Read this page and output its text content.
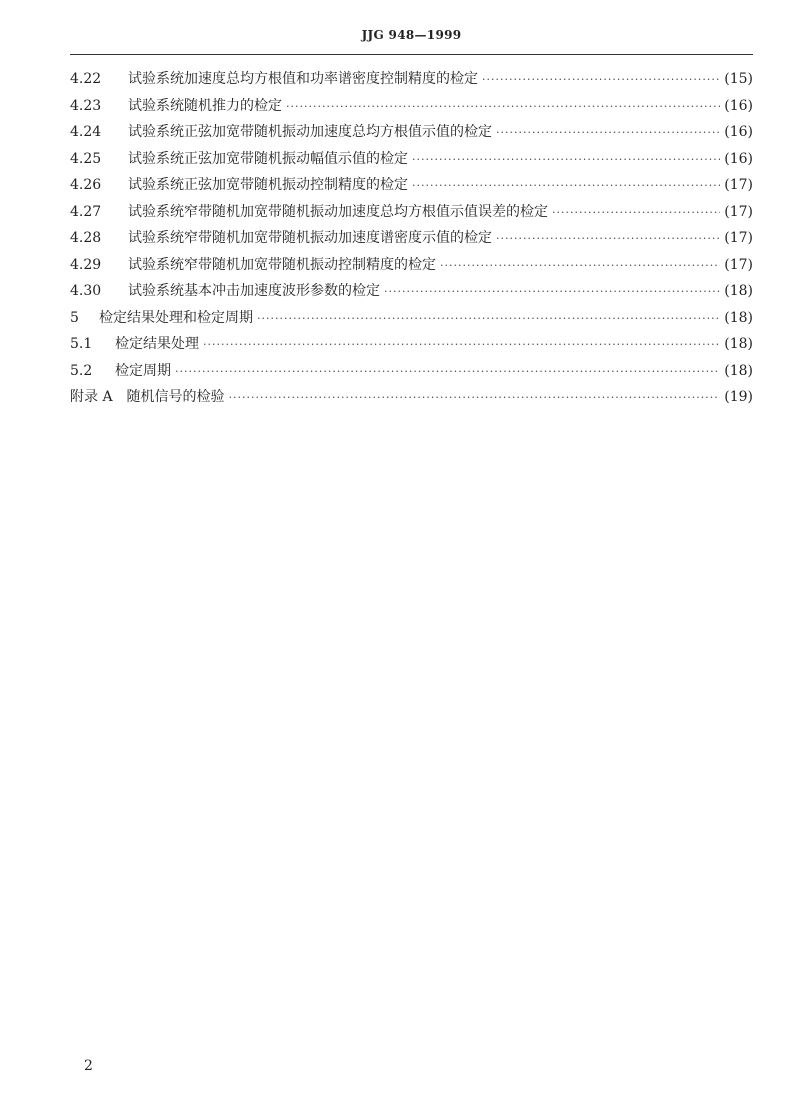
JJG 948—1999
4.22	试验系统加速度总均方根值和功率谱密度控制精度的检定 ·····	(15)
4.23	试验系统随机推力的检定 ·····	(16)
4.24	试验系统正弦加宽带随机振动加速度总均方根值示值的检定 ·····	(16)
4.25	试验系统正弦加宽带随机振动幅值示值的检定 ·····	(16)
4.26	试验系统正弦加宽带随机振动控制精度的检定 ·····	(17)
4.27	试验系统窄带随机加宽带随机振动加速度总均方根值示值误差的检定 ·····	(17)
4.28	试验系统窄带随机加宽带随机振动加速度谱密度示值的检定 ·····	(17)
4.29	试验系统窄带随机加宽带随机振动控制精度的检定 ·····	(17)
4.30	试验系统基本冲击加速度波形参数的检定 ·····	(18)
5	检定结果处理和检定周期 ·····	(18)
5.1	检定结果处理 ·····	(18)
5.2	检定周期 ·····	(18)
附录 A　随机信号的检验 ·····	(19)
2
